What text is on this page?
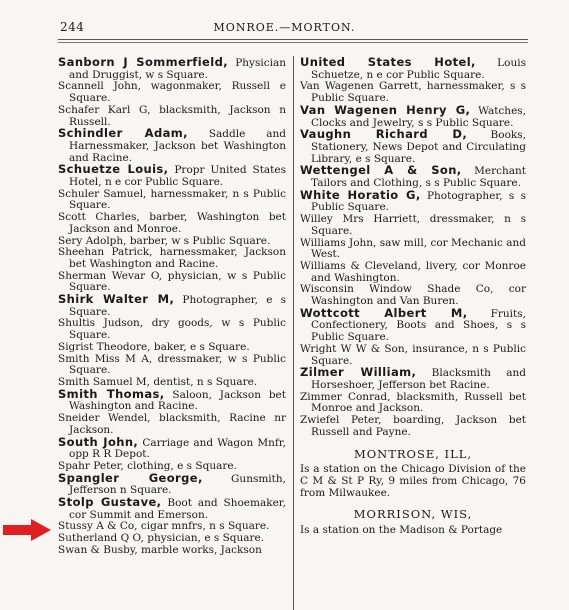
244	MONROE.—MORTON.

Sanborn J Sommerfield, Physician and Druggist, w s Square.

Scannell John, wagonmaker, Russell e Square.

Schafer Karl G, blacksmith, Jackson n Russell.

Schindler Adam, Saddle and Harnessmaker, Jackson bet Washington and Racine.

Schuetze Louis, Propr United States Hotel, n e cor Public Square.

Schuler Samuel, harnessmaker, n s Public Square.

Scott Charles, barber, Washington bet Jackson and Monroe.

Sery Adolph, barber, w s Public Square.

Sheehan Patrick, harnessmaker, Jackson bet Washington and Racine.

Sherman Wevar O, physician, w s Public Square.

Shirk Walter M, Photographer, e s Square.

Shultis Judson, dry goods, w s Public Square.

Sigrist Theodore, baker, e s Square.

Smith Miss M A, dressmaker, w s Public Square.

Smith Samuel M, dentist, n s Square.

Smith Thomas, Saloon, Jackson bet Washington and Racine.

Sneider Wendel, blacksmith, Racine nr Jackson.

South John, Carriage and Wagon Mnfr, opp R R Depot.

Spahr Peter, clothing, e s Square.

Spangler George, Gunsmith, Jefferson n Square.

Stolp Gustave, Boot and Shoemaker, cor Summit and Emerson.

Stussy A & Co, cigar mnfrs, n s Square.

Sutherland Q O, physician, e s Square.

Swan & Busby, marble works, Jackson

United States Hotel, Louis Schuetze, n e cor Public Square.

Van Wagenen Garrett, harnessmaker, s s Public Square.

Van Wagenen Henry G, Watches, Clocks and Jewelry, s s Public Square.

Vaughn Richard D, Books, Stationery, News Depot and Circulating Library, e s Square.

Wettengel A & Son, Merchant Tailors and Clothing, s s Public Square.

White Horatio G, Photographer, s s Public Square.

Willey Mrs Harriett, dressmaker, n s Square.

Williams John, saw mill, cor Mechanic and West.

Williams & Cleveland, livery, cor Monroe and Washington.

Wisconsin Window Shade Co, cor Washington and Van Buren.

Wottcott Albert M, Fruits, Confectionery, Boots and Shoes, s s Public Square.

Wright W W & Son, insurance, n s Public Square.

Zilmer William, Blacksmith and Horseshoer, Jefferson bet Racine.

Zimmer Conrad, blacksmith, Russell bet Monroe and Jackson.

Zwiefel Peter, boarding, Jackson bet Russell and Payne.

MONTROSE, ILL,

Is a station on the Chicago Division of the C M & St P Ry, 9 miles from Chicago, 76 from Milwaukee.

MORRISON, WIS,

Is a station on the Madison & Portage
